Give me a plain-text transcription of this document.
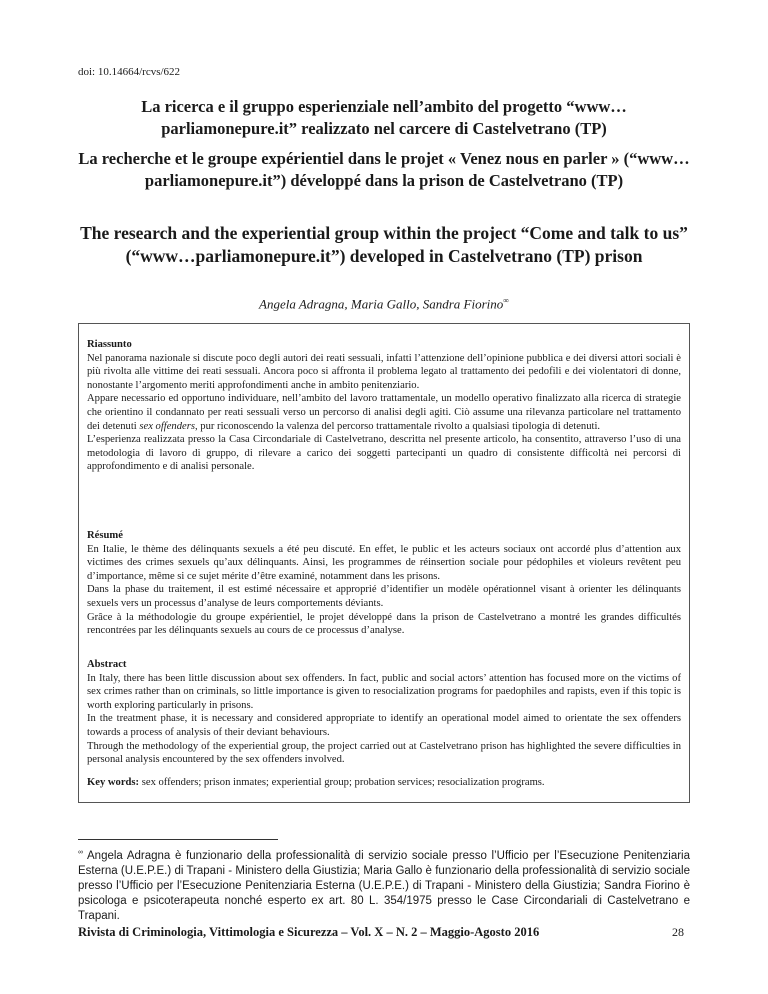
doi: 10.14664/rcvs/622
La ricerca e il gruppo esperienziale nell’ambito del progetto “www…parliamonepure.it” realizzato nel carcere di Castelvetrano (TP)
La recherche et le groupe expérientiel dans le projet « Venez nous en parler » (“www…parliamonepure.it”) développé dans la prison de Castelvetrano (TP)
The research and the experiential group within the project “Come and talk to us” (“www…parliamonepure.it”) developed in Castelvetrano (TP) prison
Angela Adragna, Maria Gallo, Sandra Fiorino∞
Riassunto

Nel panorama nazionale si discute poco degli autori dei reati sessuali, infatti l’attenzione dell’opinione pubblica e dei diversi attori sociali è più rivolta alle vittime dei reati sessuali. Ancora poco si affronta il problema legato al trattamento dei pedofili e dei violentatori di donne, nonostante l’argomento meriti approfondimenti anche in ambito penitenziario.

Appare necessario ed opportuno individuare, nell’ambito del lavoro trattamentale, un modello operativo finalizzato alla ricerca di strategie che orientino il condannato per reati sessuali verso un percorso di analisi degli agiti. Ciò assume una rilevanza particolare nel trattamento dei detenuti sex offenders, pur riconoscendo la valenza del percorso trattamentale rivolto a qualsiasi tipologia di detenuti.

L’esperienza realizzata presso la Casa Circondariale di Castelvetrano, descritta nel presente articolo, ha consentito, attraverso l’uso di una metodologia di lavoro di gruppo, di rilevare a carico dei soggetti partecipanti un quadro di consistente difficoltà nei percorsi di approfondimento e di analisi personale.

Résumé

En Italie, le thème des délinquants sexuels a été peu discuté. En effet, le public et les acteurs sociaux ont accordé plus d’attention aux victimes des crimes sexuels qu’aux délinquants. Ainsi, les programmes de réinsertion sociale pour pédophiles et violeurs revêtent peu d’importance, même si ce sujet mérite d’être examiné, notamment dans les prisons.

Dans la phase du traitement, il est estimé nécessaire et approprié d’identifier un modèle opérationnel visant à orienter les délinquants sexuels vers un processus d’analyse de leurs comportements déviants.

Grâce à la méthodologie du groupe expérientiel, le projet développé dans la prison de Castelvetrano a montré les grandes difficultés rencontrées par les délinquants sexuels au cours de ce processus d’analyse.

Abstract

In Italy, there has been little discussion about sex offenders. In fact, public and social actors’ attention has focused more on the victims of sex crimes rather than on criminals, so little importance is given to resocialization programs for paedophiles and rapists, even if this topic is worth exploring particularly in prisons.

In the treatment phase, it is necessary and considered appropriate to identify an operational model aimed to orientate the sex offenders towards a process of analysis of their deviant behaviours.

Through the methodology of the experiential group, the project carried out at Castelvetrano prison has highlighted the severe difficulties in personal analysis encountered by the sex offenders involved.

Key words: sex offenders; prison inmates; experiential group; probation services; resocialization programs.
∞ Angela Adragna è funzionario della professionalità di servizio sociale presso l’Ufficio per l’Esecuzione Penitenziaria Esterna (U.E.P.E.) di Trapani - Ministero della Giustizia; Maria Gallo è funzionario della professionalità di servizio sociale presso l’Ufficio per l’Esecuzione Penitenziaria Esterna (U.E.P.E.) di Trapani - Ministero della Giustizia; Sandra Fiorino è psicologa e psicoterapeuta nonché esperto ex art. 80 L. 354/1975 presso le Case Circondariali di Castelvetrano e Trapani.
Rivista di Criminologia, Vittimologia e Sicurezza – Vol. X – N. 2 – Maggio-Agosto 2016	28
